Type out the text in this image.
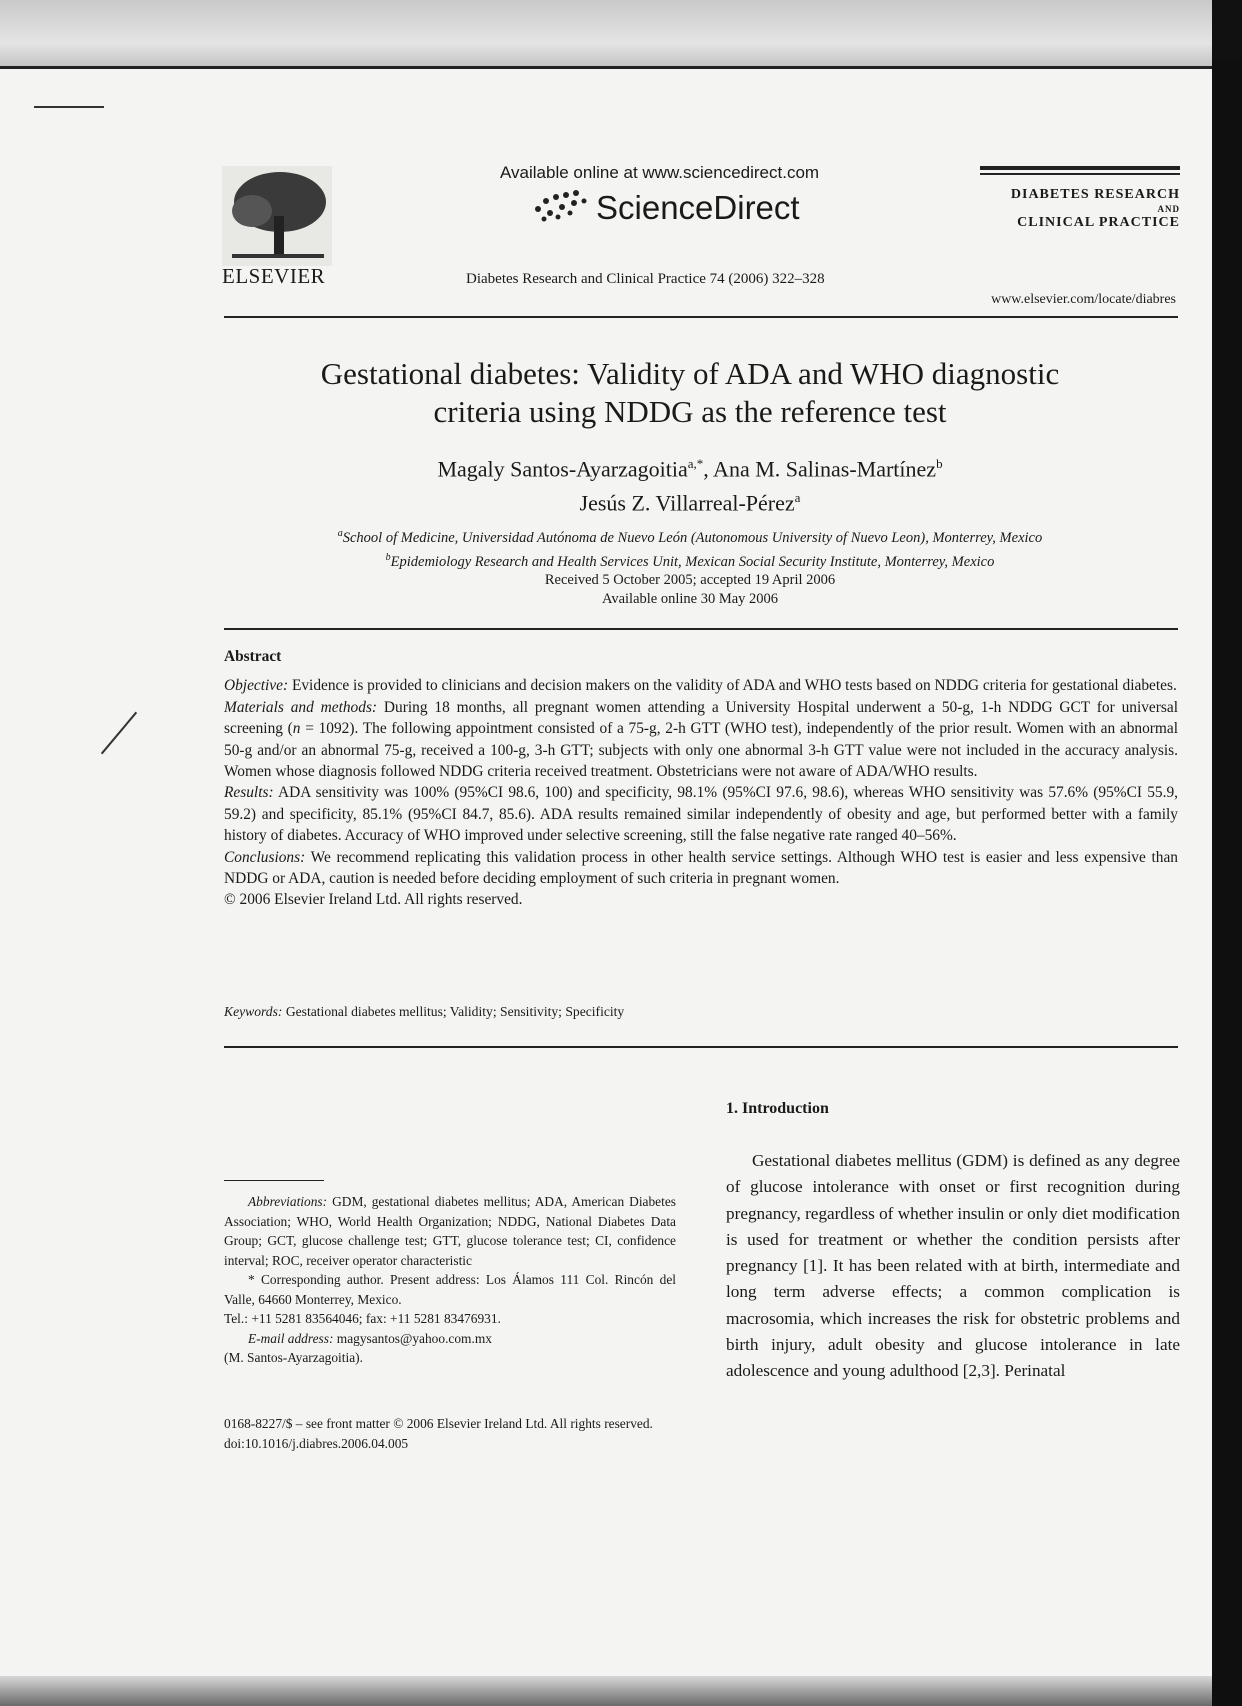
ELSEVIER
Available online at www.sciencedirect.com
ScienceDirect
Diabetes Research and Clinical Practice 74 (2006) 322–328
DIABETES RESEARCH
AND
CLINICAL PRACTICE
www.elsevier.com/locate/diabres
Gestational diabetes: Validity of ADA and WHO diagnostic
criteria using NDDG as the reference test
Magaly Santos-Ayarzagoitia$^{a,*}$, Ana M. Salinas-Martínez$^b$
Jesús Z. Villarreal-Pérez$^a$
$^a$School of Medicine, Universidad Autónoma de Nuevo León (Autonomous University of Nuevo Leon), Monterrey, Mexico
$^b$Epidemiology Research and Health Services Unit, Mexican Social Security Institute, Monterrey, Mexico
Received 5 October 2005; accepted 19 April 2006
Available online 30 May 2006
Abstract

Objective: Evidence is provided to clinicians and decision makers on the validity of ADA and WHO tests based on NDDG criteria for gestational diabetes.

Materials and methods: During 18 months, all pregnant women attending a University Hospital underwent a 50-g, 1-h NDDG GCT for universal screening (n = 1092). The following appointment consisted of a 75-g, 2-h GTT (WHO test), independently of the prior result. Women with an abnormal 50-g and/or an abnormal 75-g, received a 100-g, 3-h GTT; subjects with only one abnormal 3-h GTT value were not included in the accuracy analysis. Women whose diagnosis followed NDDG criteria received treatment. Obstetricians were not aware of ADA/WHO results.

Results: ADA sensitivity was 100% (95%CI 98.6, 100) and specificity, 98.1% (95%CI 97.6, 98.6), whereas WHO sensitivity was 57.6% (95%CI 55.9, 59.2) and specificity, 85.1% (95%CI 84.7, 85.6). ADA results remained similar independently of obesity and age, but performed better with a family history of diabetes. Accuracy of WHO improved under selective screening, still the false negative rate ranged 40–56%.

Conclusions: We recommend replicating this validation process in other health service settings. Although WHO test is easier and less expensive than NDDG or ADA, caution is needed before deciding employment of such criteria in pregnant women.

© 2006 Elsevier Ireland Ltd. All rights reserved.

Keywords: Gestational diabetes mellitus; Validity; Sensitivity; Specificity

Abbreviations: GDM, gestational diabetes mellitus; ADA, American Diabetes Association; WHO, World Health Organization; NDDG, National Diabetes Data Group; GCT, glucose challenge test; GTT, glucose tolerance test; CI, confidence interval; ROC, receiver operator characteristic

* Corresponding author. Present address: Los Álamos 111 Col. Rincón del Valle, 64660 Monterrey, Mexico.

Tel.: +11 5281 83564046; fax: +11 5281 83476931.

E-mail address: magysantos@yahoo.com.mx

(M. Santos-Ayarzagoitia).

0168-8227/$ – see front matter © 2006 Elsevier Ireland Ltd. All rights reserved.
doi:10.1016/j.diabres.2006.04.005
1. Introduction

Gestational diabetes mellitus (GDM) is defined as any degree of glucose intolerance with onset or first recognition during pregnancy, regardless of whether insulin or only diet modification is used for treatment or whether the condition persists after pregnancy [1]. It has been related with at birth, intermediate and long term adverse effects; a common complication is macrosomia, which increases the risk for obstetric problems and birth injury, adult obesity and glucose intolerance in late adolescence and young adulthood [2,3]. Perinatal
